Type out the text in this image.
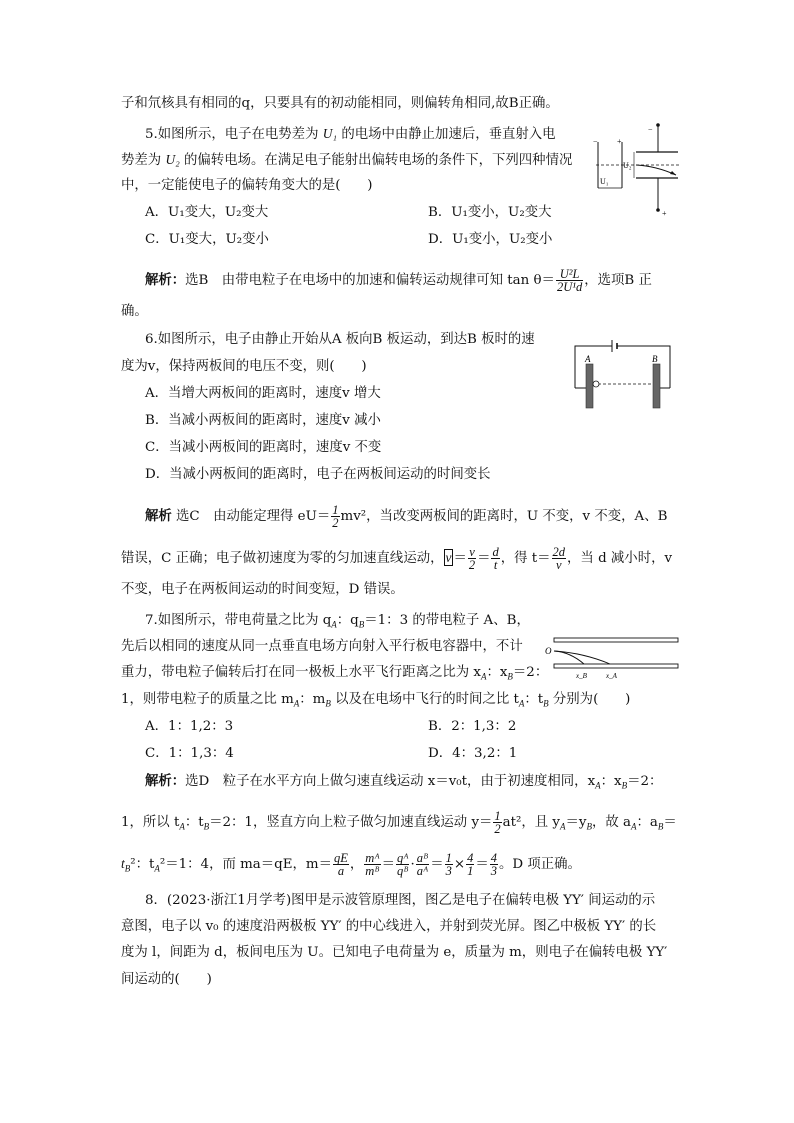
子和氘核具有相同的q，只要具有的初动能相同，则偏转角相同,故B正确。
5.如图所示，电子在电势差为 U₁ 的电场中由静止加速后，垂直射入电
势差为 U₂ 的偏转电场。在满足电子能射出偏转电场的条件下，下列四种情况
中，一定能使电子的偏转角变大的是(　　)
A．U₁变大，U₂变大	B．U₁变小，U₂变大
C．U₁变大，U₂变小	D．U₁变小，U₂变小
U₁
U₂
− +
−
+
解析：选B　由带电粒子在电场中的加速和偏转运动规律可知 $\tan \theta= \frac{\text{U²L}}{\text{2U¹d}}$ ，选项B 正
确。
6.如图所示，电子由静止开始从A 板向B 板运动，到达B 板时的速
度为v，保持两板间的电压不变，则(　　)
A．当增大两板间的距离时，速度v 增大
B．当减小两板间的距离时，速度v 减小
C．当减小两板间的距离时，速度v 不变
D．当减小两板间的距离时，电子在两板间运动的时间变长
A	B
解析 选C　由动能定理得 $eU= \frac{1}{2} mv^2$，当改变两板间的距离时，U 不变，v 不变，A、B
错误，C 正确；电子做初速度为零的匀加速直线运动， $v = \frac{v}{2} = \frac{d}{t}$ ，得 $t= \frac{2d}{v}$ ，当 d 减小时，v
不变，电子在两板间运动的时间变短，D 错误。
7.如图所示，带电荷量之比为 $q_A$：$q_B=1$：3 的带电粒子 A、B，
先后以相同的速度从同一点垂直电场方向射入平行板电容器中，不计
重力，带电粒子偏转后打在同一极板上水平飞行距离之比为 $x_A$：$x_B=2$：
1，则带电粒子的质量之比 $m_A$：$m_B$ 以及在电场中飞行的时间之比 $t_A$：$t_B$ 分别为(　　)
A．1：1,2：3	B．2：1,3：2
C．1：1,3：4	D．4：3,2：1
O
x_B	x_A
解析：选D　粒子在水平方向上做匀速直线运动 x＝v₀t，由于初速度相同，$x_A$：$x_B=2$：
1，所以 $t_A$：$t_B=2$：1，竖直方向上粒子做匀加速直线运动 $y= \frac{1}{2} at^2$，且 $y_A=y_B$，故 $a_A$：$a_B=$
$t_B^2$：$t_A^2=1$：4，而 ma＝qE，$m= \frac{qE}{a}$ ， $\frac{\text{mᴬ}}{\text{mᴮ}} = \frac{\text{qᴬ}}{\text{qᴮ}} \cdot \frac{\text{aᴮ}}{\text{aᴬ}} = \frac{1}{3} \times \frac{4}{1} = \frac{4}{3}$ 。D 项正确。
8．(2023·浙江1月学考)图甲是示波管原理图，图乙是电子在偏转电极 YY′ 间运动的示
意图，电子以 v₀ 的速度沿两极板 YY′ 的中心线进入，并射到荧光屏。图乙中极板 YY′ 的长
度为 l，间距为 d，板间电压为 U。已知电子电荷量为 e，质量为 m，则电子在偏转电极 YY′
间运动的(　　)
